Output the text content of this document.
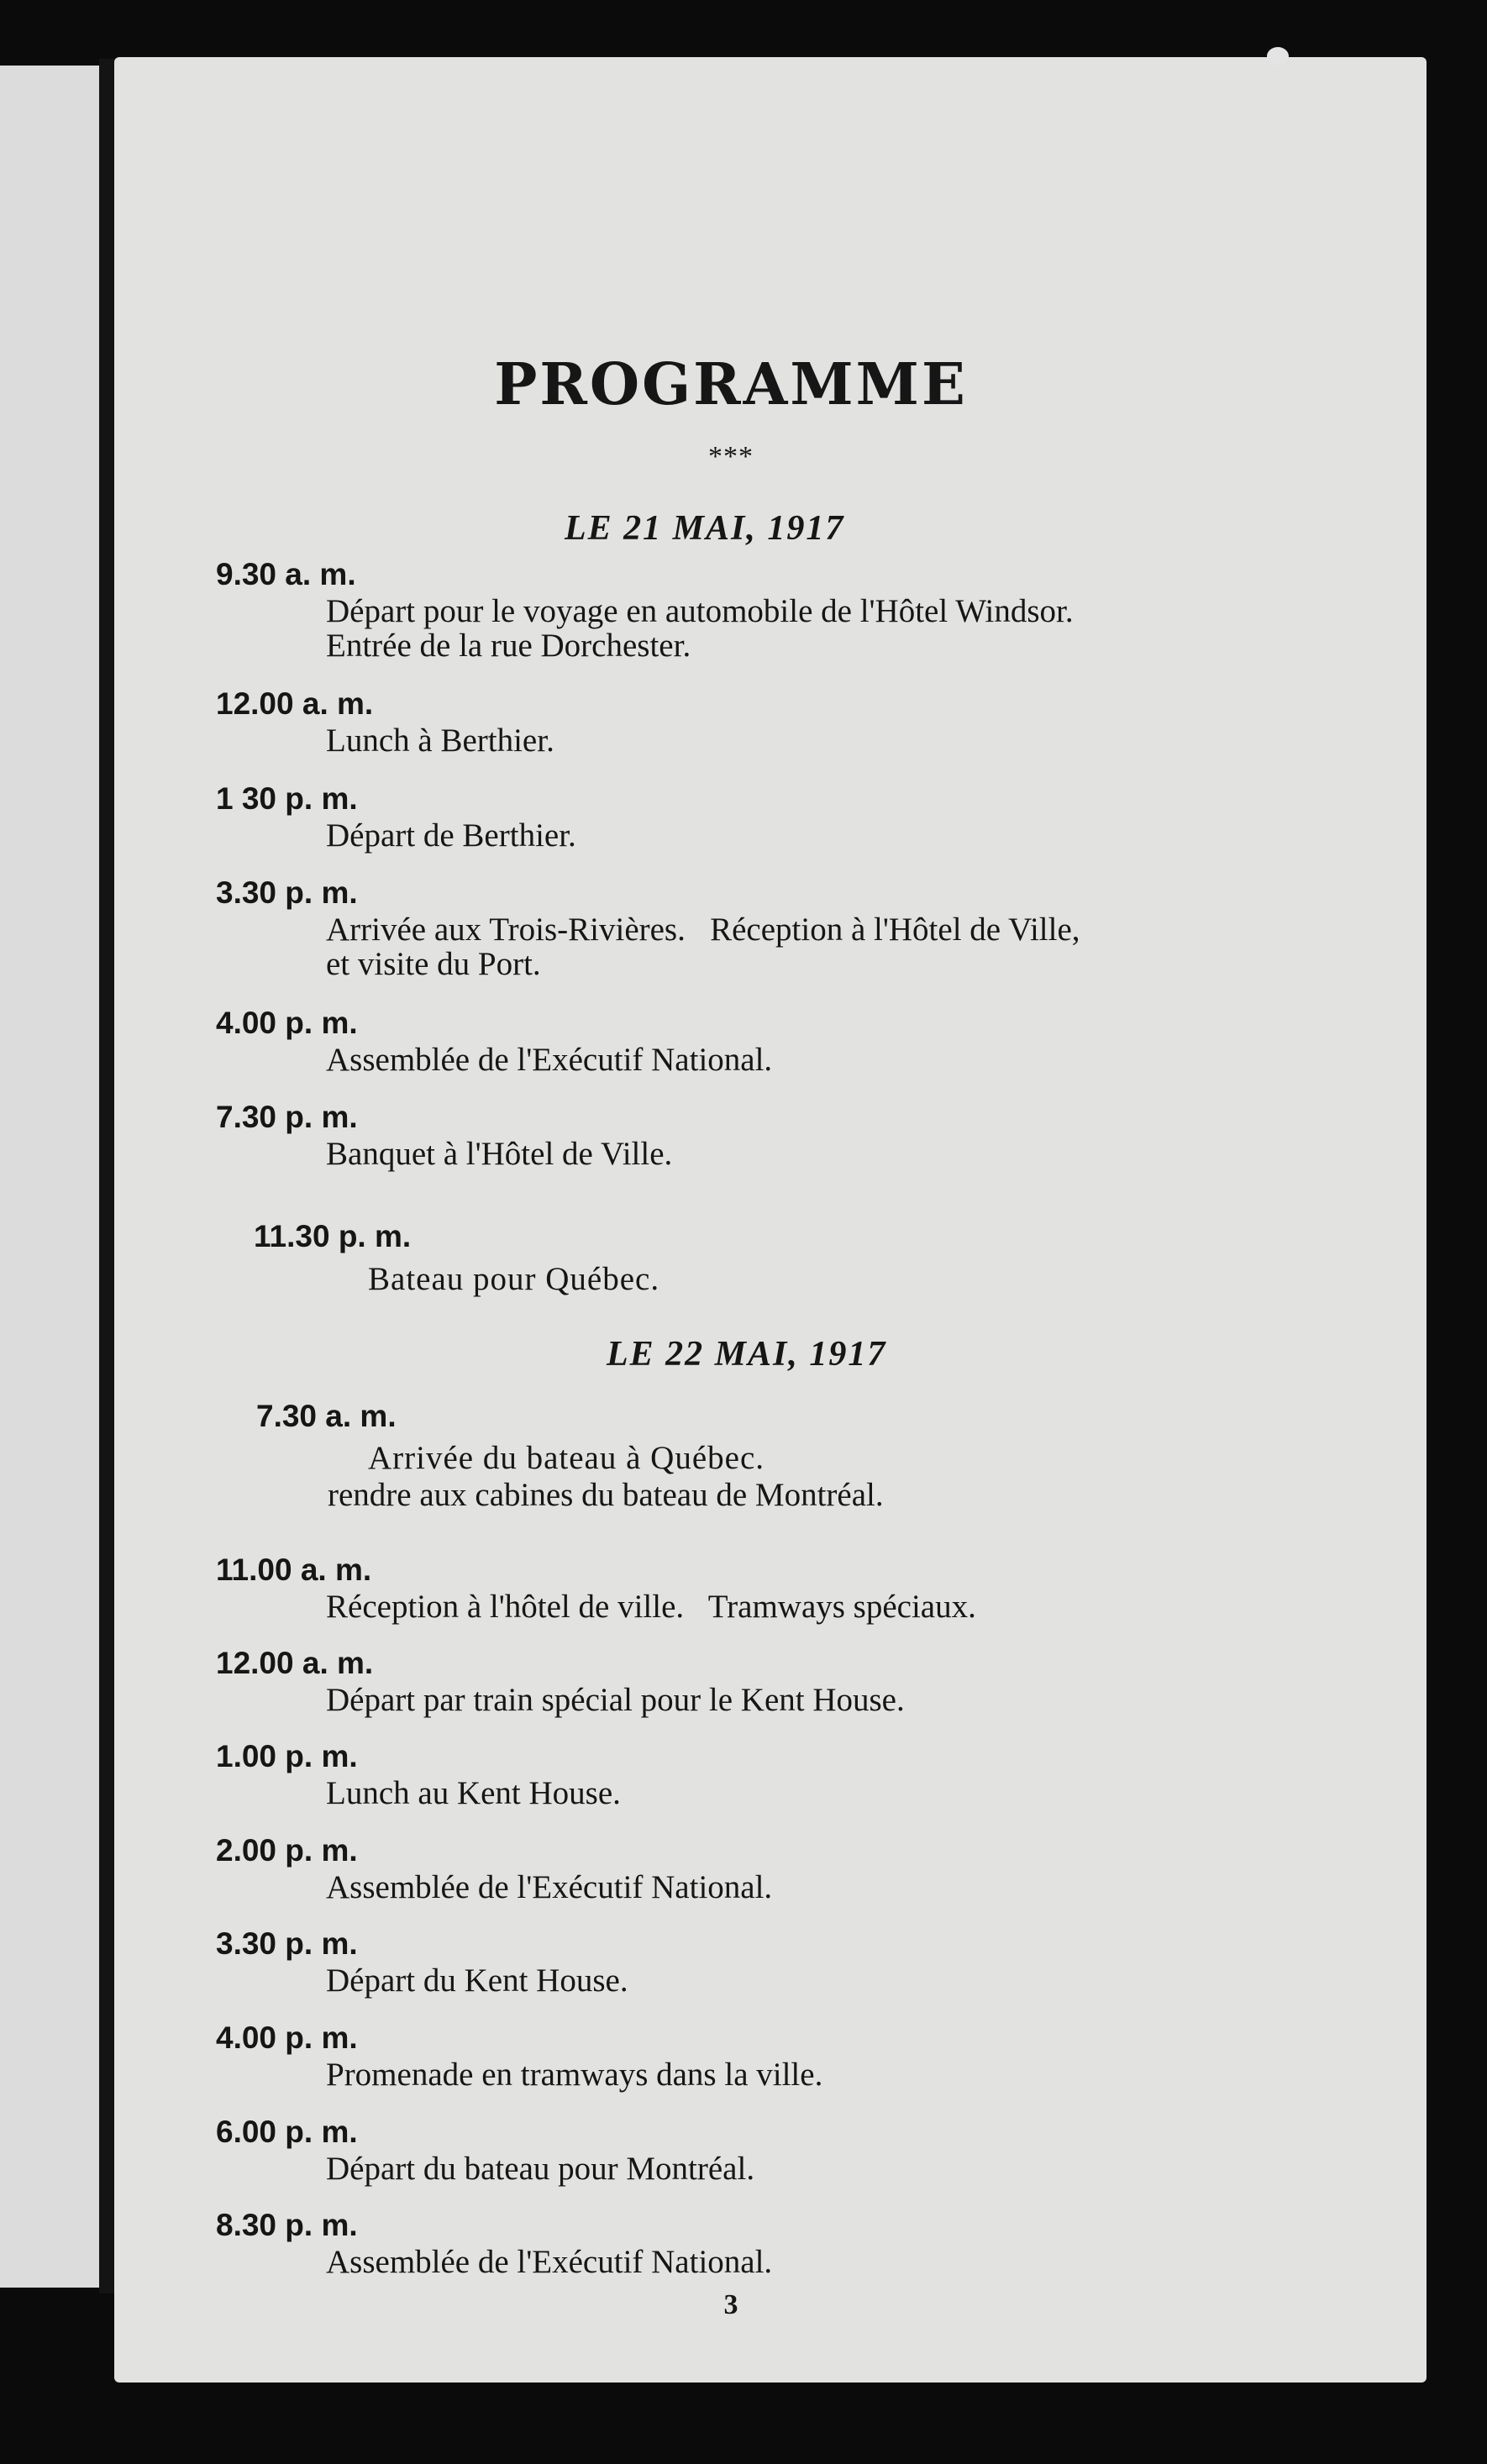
PROGRAMME
***
LE 21 MAI, 1917
9.30 a. m.
Départ pour le voyage en automobile de l'Hôtel Windsor.
Entrée de la rue Dorchester.
12.00 a. m.
Lunch à Berthier.
1 30 p. m.
Départ de Berthier.
3.30 p. m.
Arrivée aux Trois-Rivières.   Réception à l'Hôtel de Ville,
et visite du Port.
4.00 p. m.
Assemblée de l'Exécutif National.
7.30 p. m.
Banquet à l'Hôtel de Ville.
11.30 p. m.
Bateau pour Québec.
LE 22 MAI, 1917
7.30 a. m.
Arrivée du bateau à Québec.
rendre aux cabines du bateau de Montréal.
11.00 a. m.
Réception à l'hôtel de ville.   Tramways spéciaux.
12.00 a. m.
Départ par train spécial pour le Kent House.
1.00 p. m.
Lunch au Kent House.
2.00 p. m.
Assemblée de l'Exécutif National.
3.30 p. m.
Départ du Kent House.
4.00 p. m.
Promenade en tramways dans la ville.
6.00 p. m.
Départ du bateau pour Montréal.
8.30 p. m.
Assemblée de l'Exécutif National.
3
